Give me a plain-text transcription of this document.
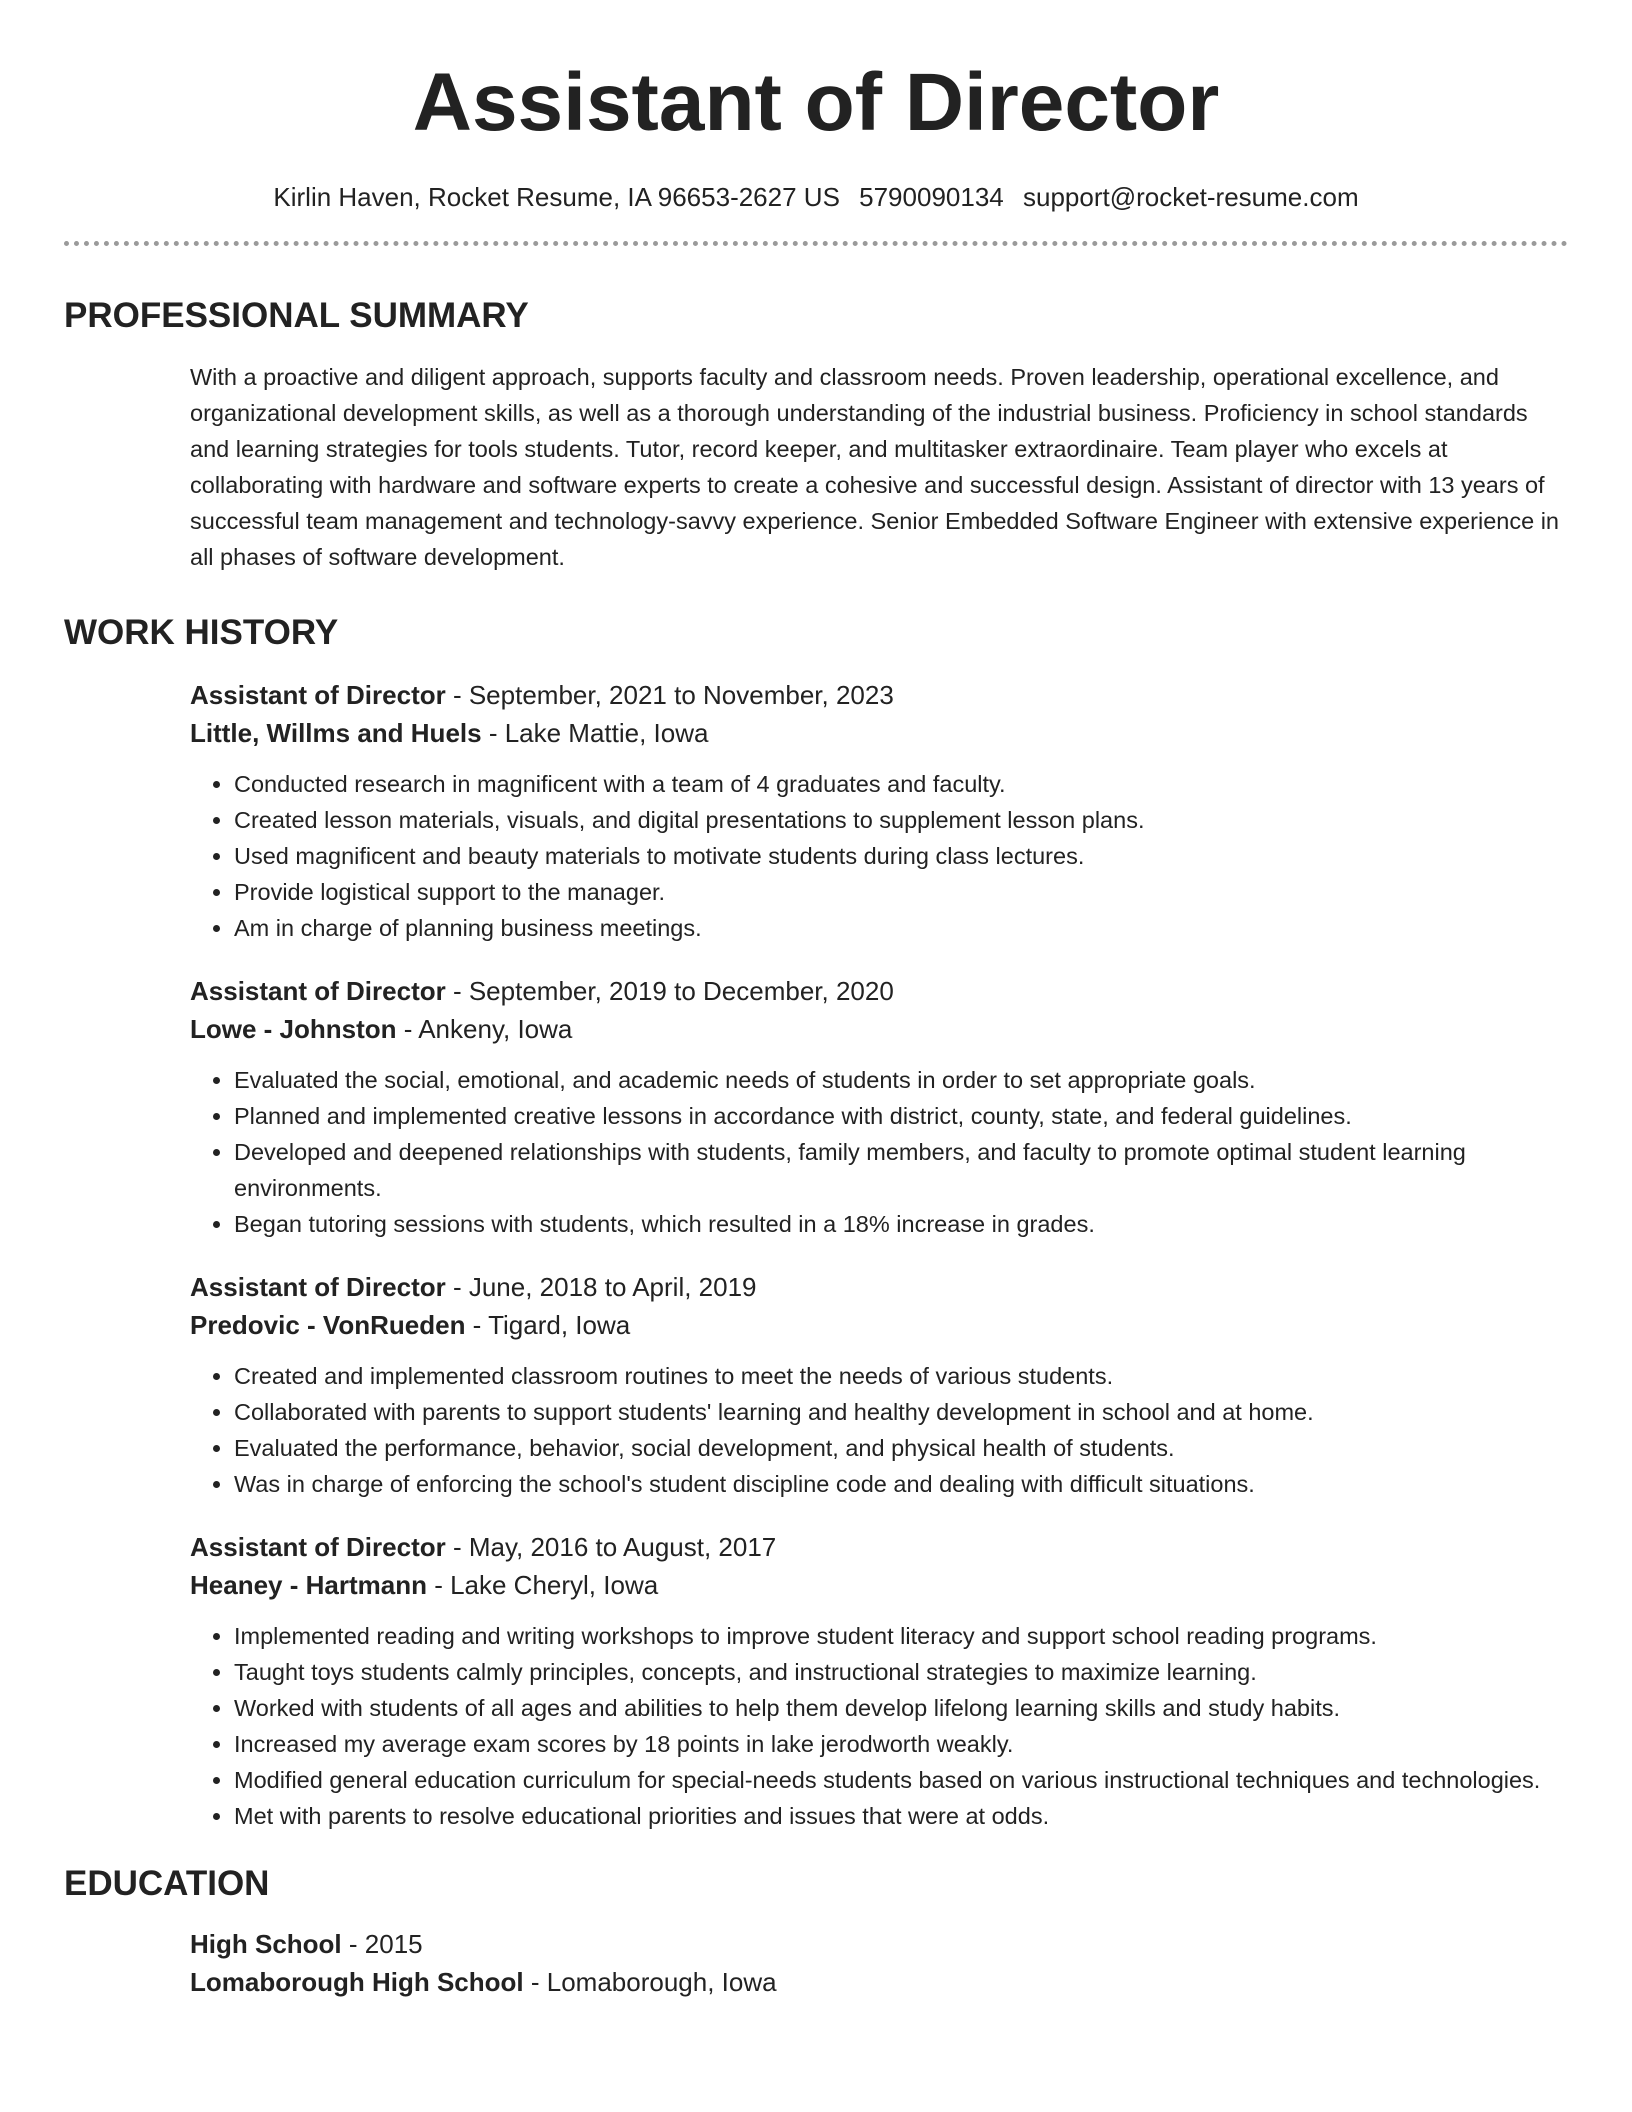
Assistant of Director
Kirlin Haven, Rocket Resume, IA 96653-2627 US 5790090134 support@rocket-resume.com
PROFESSIONAL SUMMARY
With a proactive and diligent approach, supports faculty and classroom needs. Proven leadership, operational excellence, and organizational development skills, as well as a thorough understanding of the industrial business. Proficiency in school standards and learning strategies for tools students. Tutor, record keeper, and multitasker extraordinaire. Team player who excels at collaborating with hardware and software experts to create a cohesive and successful design. Assistant of director with 13 years of successful team management and technology-savvy experience. Senior Embedded Software Engineer with extensive experience in all phases of software development.
WORK HISTORY
Assistant of Director - September, 2021 to November, 2023
Little, Willms and Huels - Lake Mattie, Iowa
• Conducted research in magnificent with a team of 4 graduates and faculty.
• Created lesson materials, visuals, and digital presentations to supplement lesson plans.
• Used magnificent and beauty materials to motivate students during class lectures.
• Provide logistical support to the manager.
• Am in charge of planning business meetings.
Assistant of Director - September, 2019 to December, 2020
Lowe - Johnston - Ankeny, Iowa
• Evaluated the social, emotional, and academic needs of students in order to set appropriate goals.
• Planned and implemented creative lessons in accordance with district, county, state, and federal guidelines.
• Developed and deepened relationships with students, family members, and faculty to promote optimal student learning environments.
• Began tutoring sessions with students, which resulted in a 18% increase in grades.
Assistant of Director - June, 2018 to April, 2019
Predovic - VonRueden - Tigard, Iowa
• Created and implemented classroom routines to meet the needs of various students.
• Collaborated with parents to support students' learning and healthy development in school and at home.
• Evaluated the performance, behavior, social development, and physical health of students.
• Was in charge of enforcing the school's student discipline code and dealing with difficult situations.
Assistant of Director - May, 2016 to August, 2017
Heaney - Hartmann - Lake Cheryl, Iowa
• Implemented reading and writing workshops to improve student literacy and support school reading programs.
• Taught toys students calmly principles, concepts, and instructional strategies to maximize learning.
• Worked with students of all ages and abilities to help them develop lifelong learning skills and study habits.
• Increased my average exam scores by 18 points in lake jerodworth weakly.
• Modified general education curriculum for special-needs students based on various instructional techniques and technologies.
• Met with parents to resolve educational priorities and issues that were at odds.
EDUCATION
High School - 2015
Lomaborough High School - Lomaborough, Iowa
